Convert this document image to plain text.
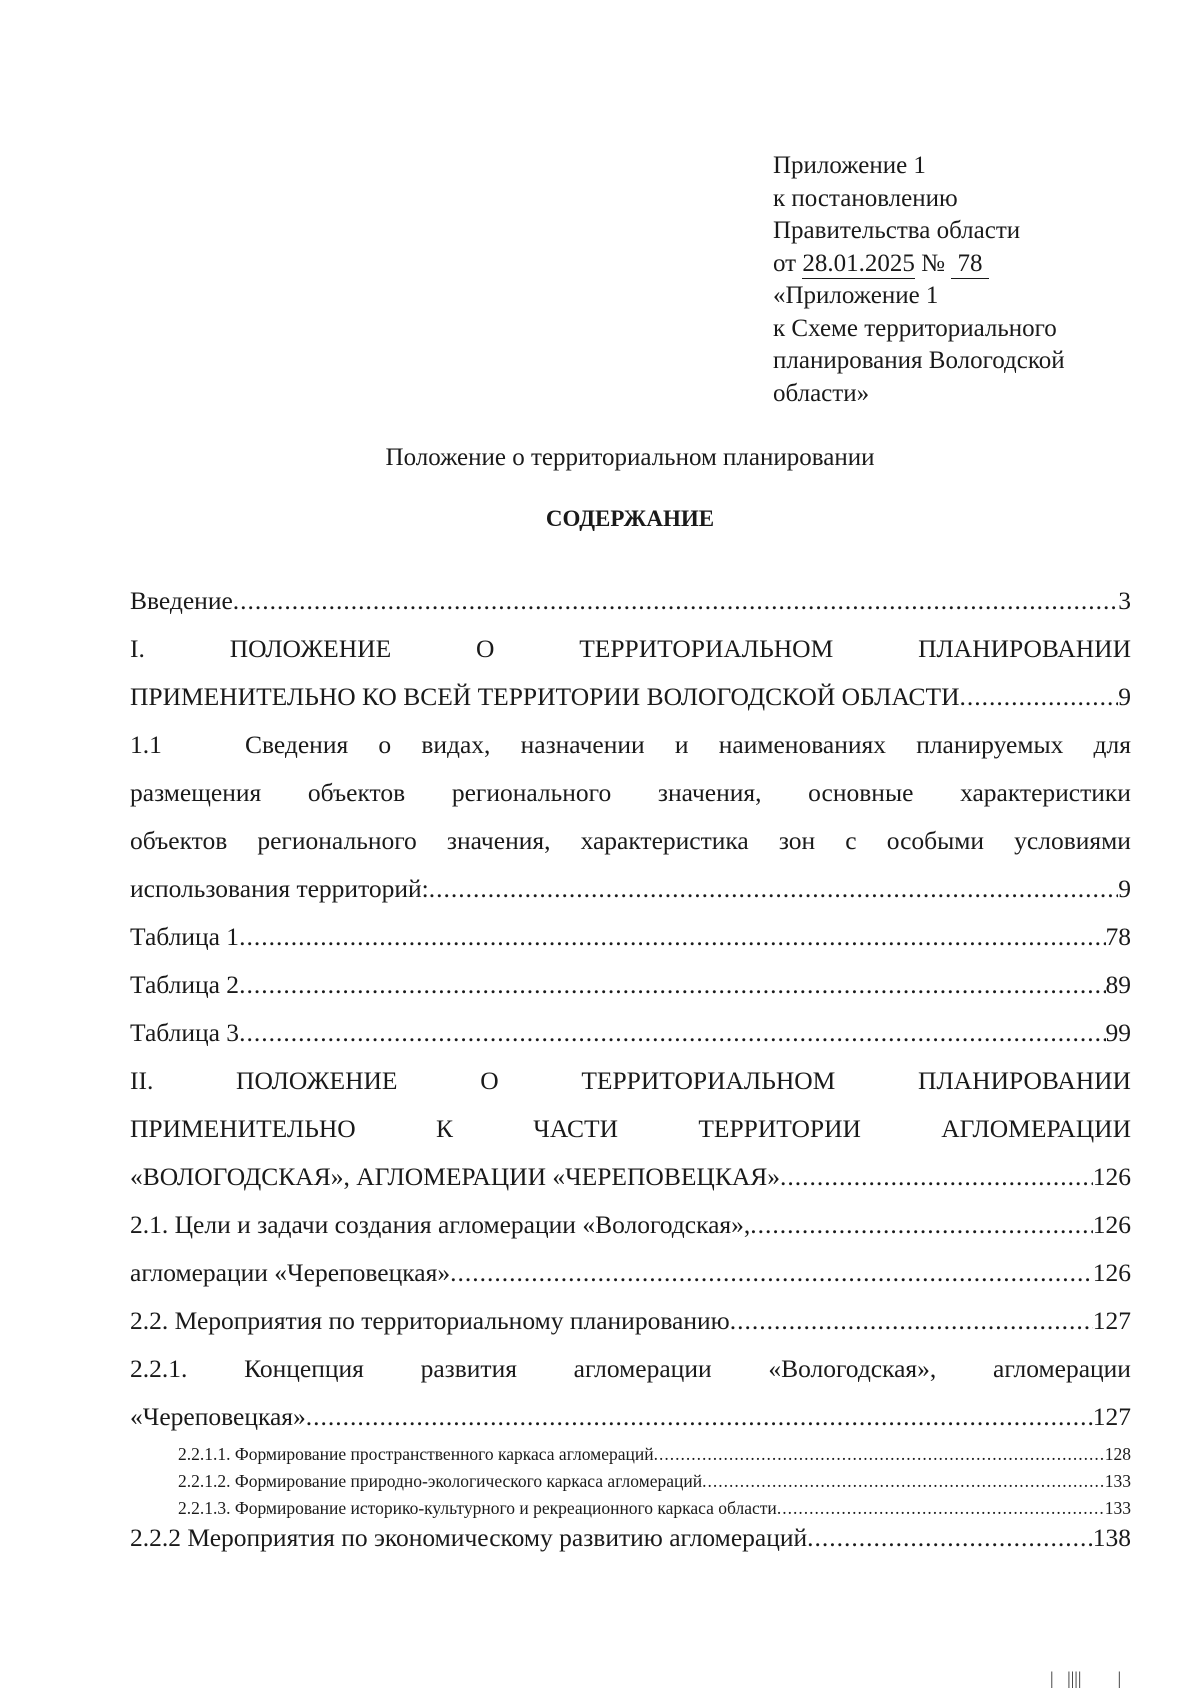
Приложение 1
к постановлению
Правительства области
от 28.01.2025 №  78
«Приложение 1
к Схеме территориального
планирования Вологодской
области»
Положение о территориальном планировании
СОДЕРЖАНИЕ
Введение .....	3
I.	ПОЛОЖЕНИЕ	О	ТЕРРИТОРИАЛЬНОМ	ПЛАНИРОВАНИИ
ПРИМЕНИТЕЛЬНО КО ВСЕЙ ТЕРРИТОРИИ ВОЛОГОДСКОЙ ОБЛАСТИ .....	9
1.1	Сведения о видах, назначении и наименованиях планируемых для
размещения объектов регионального значения, основные характеристики
объектов регионального значения, характеристика зон с особыми условиями
использования территорий: .....	9
Таблица 1 .....	78
Таблица 2 .....	89
Таблица 3 .....	99
II.	ПОЛОЖЕНИЕ	О	ТЕРРИТОРИАЛЬНОМ	ПЛАНИРОВАНИИ
ПРИМЕНИТЕЛЬНО	К	ЧАСТИ	ТЕРРИТОРИИ	АГЛОМЕРАЦИИ
«ВОЛОГОДСКАЯ», АГЛОМЕРАЦИИ «ЧЕРЕПОВЕЦКАЯ» .....	126
2.1. Цели и задачи создания агломерации «Вологодская», .....	126
агломерации «Череповецкая» .....	126
2.2. Мероприятия по территориальному планированию .....	127
2.2.1. Концепция развития агломерации «Вологодская», агломерации
«Череповецкая» .....	127
2.2.1.1. Формирование пространственного каркаса агломераций .....	128
2.2.1.2. Формирование природно-экологического каркаса агломераций .....	133
2.2.1.3. Формирование историко-культурного и рекреационного каркаса области .....	133
2.2.2 Мероприятия по экономическому развитию агломераций .....	138
|   ||||        |
